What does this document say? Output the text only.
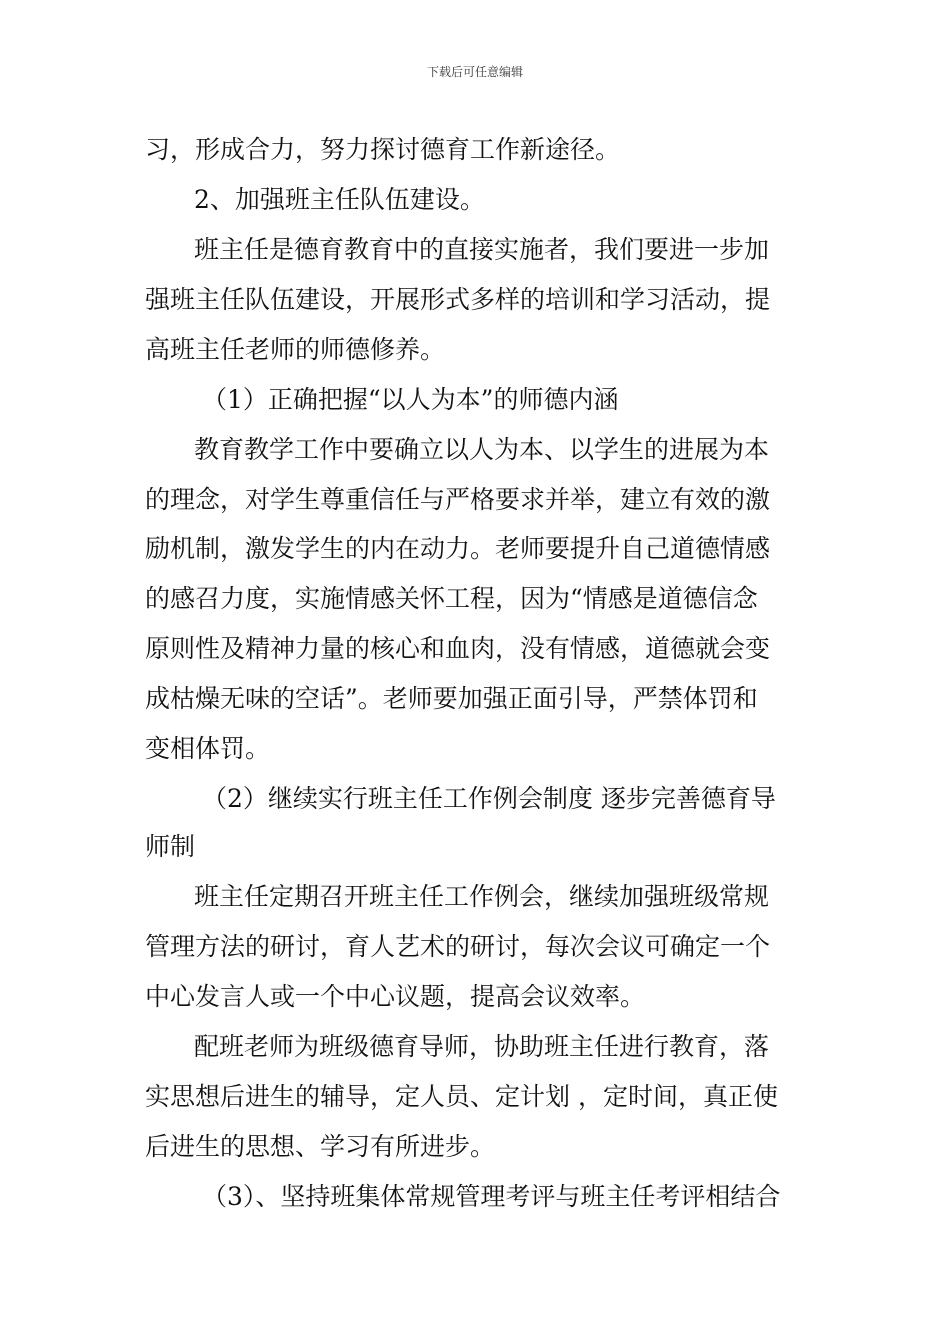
下载后可任意编辑
习，形成合力，努力探讨德育工作新途径。
2、加强班主任队伍建设。
班主任是德育教育中的直接实施者，我们要进一步加
强班主任队伍建设，开展形式多样的培训和学习活动，提
高班主任老师的师德修养。
（1）正确把握“以人为本”的师德内涵
教育教学工作中要确立以人为本、以学生的进展为本
的理念，对学生尊重信任与严格要求并举，建立有效的激
励机制，激发学生的内在动力。老师要提升自己道德情感
的感召力度，实施情感关怀工程，因为“情感是道德信念
原则性及精神力量的核心和血肉，没有情感，道德就会变
成枯燥无味的空话”。老师要加强正面引导，严禁体罚和
变相体罚。
（2）继续实行班主任工作例会制度 逐步完善德育导
师制
班主任定期召开班主任工作例会，继续加强班级常规
管理方法的研讨，育人艺术的研讨，每次会议可确定一个
中心发言人或一个中心议题，提高会议效率。
配班老师为班级德育导师，协助班主任进行教育，落
实思想后进生的辅导，定人员、定计划 ，定时间，真正使
后进生的思想、学习有所进步。
（3）、坚持班集体常规管理考评与班主任考评相结合
